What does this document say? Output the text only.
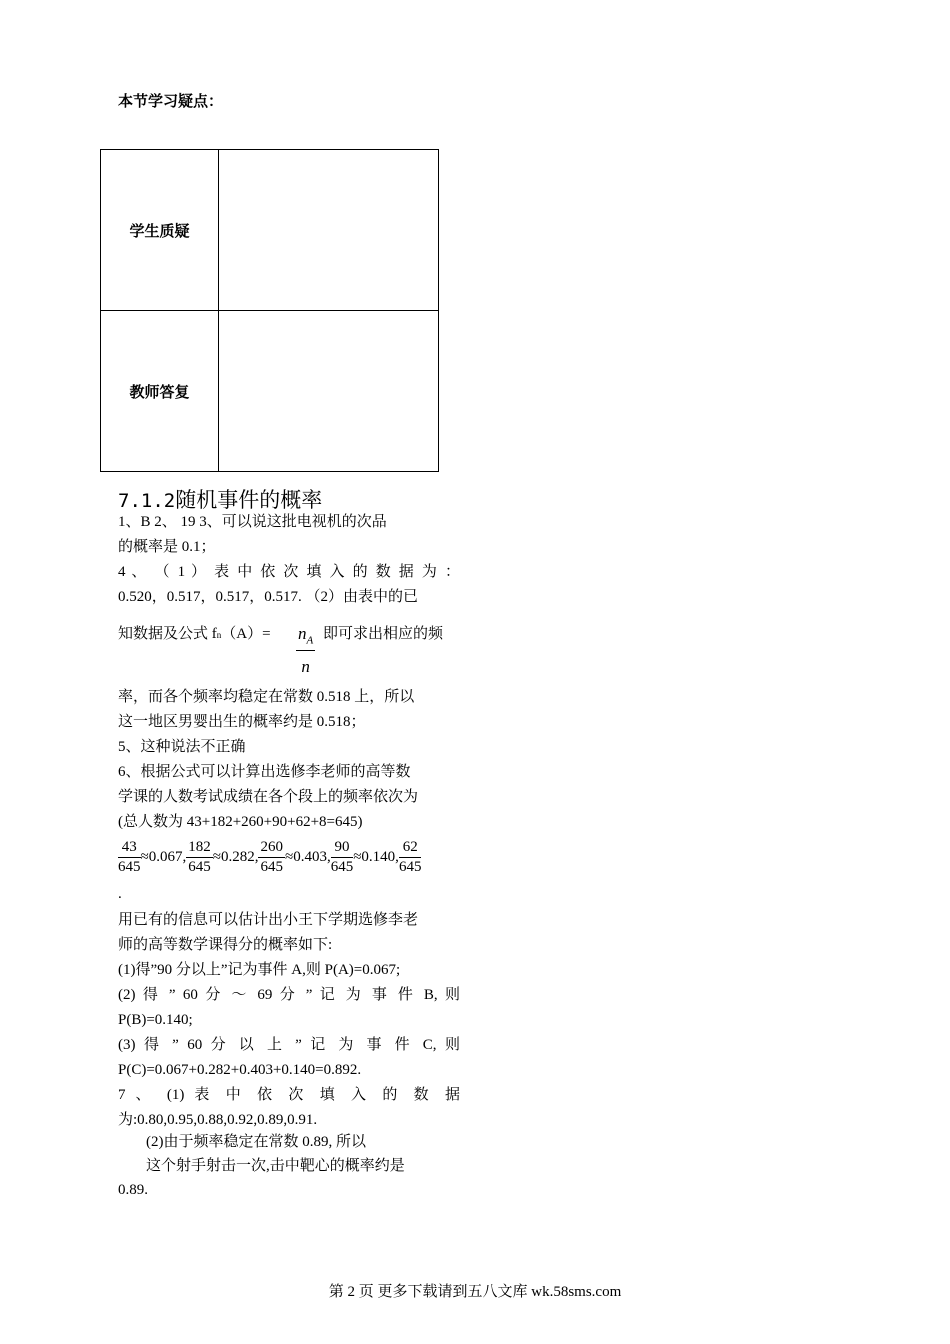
本节学习疑点：
学生质疑	
教师答复	
7.1.2随机事件的概率
1、B 2、 19 3、可以说这批电视机的次品
的概率是 0.1；
4 、 （ 1 ） 表 中 依 次 填 入 的 数 据 为 ：
0.520，0.517，0.517，0.517. （2）由表中的已
知数据及公式 $fn(A)= \frac{n_A}{n}$ 即可求出相应的频
率，而各个频率均稳定在常数 0.518 上，所以
这一地区男婴出生的概率约是 0.518；
5、这种说法不正确
6、根据公式可以计算出选修李老师的高等数
学课的人数考试成绩在各个段上的频率依次为
(总人数为 43+182+260+90+62+8=645)
$\frac{43}{645} \approx 0.067$, $\frac{182}{645} \approx 0.282$, $\frac{260}{645} \approx 0.403$, $\frac{90}{645} \approx 0.140$, $\frac{62}{645}$
.
用已有的信息可以估计出小王下学期选修李老
师的高等数学课得分的概率如下:
(1)得”90 分以上”记为事件 A,则 P(A)=0.067;
(2) 得 ” 60 分 ～ 69 分 ” 记 为 事 件 B, 则
P(B)=0.140;
(3) 得 ” 60 分 以 上 ” 记 为 事 件 C, 则
P(C)=0.067+0.282+0.403+0.140=0.892.
7 、 (1) 表 中 依 次 填 入 的 数 据
为:0.80,0.95,0.88,0.92,0.89,0.91.
(2)由于频率稳定在常数 0.89, 所以
这个射手射击一次,击中靶心的概率约是
0.89.
第 2 页 更多下载请到五八文库 wk.58sms.com
